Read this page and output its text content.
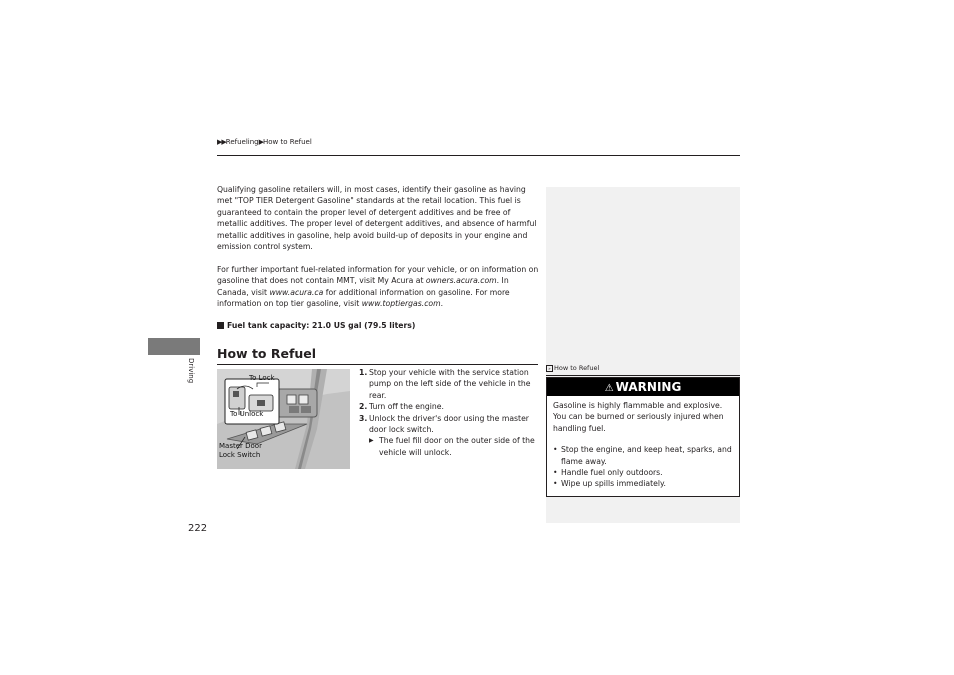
▶▶Refueling▶How to Refuel
Driving

Qualifying gasoline retailers will, in most cases, identify their gasoline as having met "TOP TIER Detergent Gasoline" standards at the retail location. This fuel is guaranteed to contain the proper level of detergent additives and be free of metallic additives. The proper level of detergent additives, and absence of harmful metallic additives in gasoline, help avoid build-up of deposits in your engine and emission control system.

For further important fuel-related information for your vehicle, or on information on gasoline that does not contain MMT, visit My Acura at owners.acura.com. In Canada, visit www.acura.ca for additional information on gasoline. For more information on top tier gasoline, visit www.toptiergas.com.

Fuel tank capacity: 21.0 US gal (79.5 liters)
How to Refuel
To Lock
To Unlock
Master Door
Lock Switch
1. Stop your vehicle with the service station pump on the left side of the vehicle in the rear.
2. Turn off the engine.
3. Unlock the driver's door using the master door lock switch.
▶ The fuel fill door on the outer side of the vehicle will unlock.
» How to Refuel
⚠ WARNING
Gasoline is highly flammable and explosive. You can be burned or seriously injured when handling fuel.
• Stop the engine, and keep heat, sparks, and flame away.
• Handle fuel only outdoors.
• Wipe up spills immediately.
222
